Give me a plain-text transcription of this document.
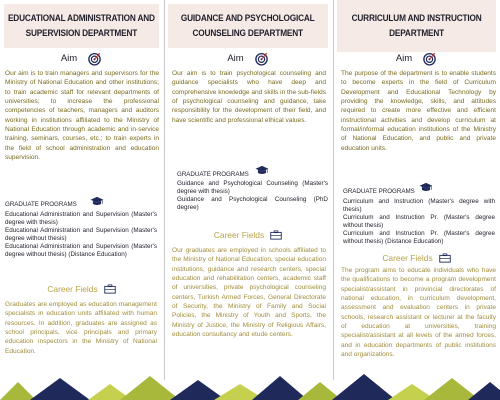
EDUCATIONAL ADMINISTRATION AND
SUPERVISION DEPARTMENT
Aim

Our aim is to train managers and supervisors for the Ministry of National Education and other institutions; to train academic staff for relevant departments of universities; to increase the professional competencies of teachers, managers and auditors working in institutions affiliated to the Ministry of National Education through academic and in-service training, seminars, courses, etc.; to train experts in the field of school administration and education supervision.

GRADUATE PROGRAMS
Educational Administration and Supervision (Master's degree with thesis)
Educational Administration and Supervision (Master's degree without thesis)
Educational Administration and Supervision (Master's degree without thesis) (Distance Education)
Career Fields

Graduates are employed as education management specialists in education units affiliated with human resources. In addition, graduates are assigned as school principals, vice principals and primary education inspectors in the Ministry of National Education.

GUIDANCE AND PSYCHOLOGICAL
COUNSELING DEPARTMENT
Aim

Our aim is to train psychological counseling and guidance specialists who have deep and comprehensive knowledge and skills in the sub-fields of psychological counseling and guidance, take responsibility for the development of their field, and have scientific and professional ethical values.

GRADUATE PROGRAMS
Guidance and Psychological Counseling (Master's degree with thesis)
Guidance and Psychological Counseling (PhD degree)
Career Fields

Our graduates are employed in schools affiliated to the Ministry of National Education, special education institutions, guidance and research centers, special education and rehabilitation centers, academic staff of universities, private psychological counseling centers, Turkish Armed Forces, General Directorate of Security, the Ministry of Family and Social Policies, the Ministry of Youth and Sports, the Ministry of Justice, the Ministry of Religious Affairs, education consultancy and etude centers.

CURRICULUM AND INSTRUCTION
DEPARTMENT
Aim

The purpose of the department is to enable students to become experts in the field of Curriculum Development and Educational Technology by providing the knowledge, skills, and attitudes required to create more effective and efficient instructional activities and develop curriculum at formal/informal education institutions of the Ministry of National Education, and public and private education units.

GRADUATE PROGRAMS
Curriculum and Instruction (Master's degree with thesis)
Curriculum and Instruction Pr. (Master's degree without thesis)
Curriculum and Instruction Pr. (Master's degree without thesis) (Distance Education)
Career Fields

The program aims to educate individuals who have the qualifications to become a program development specialist/assistant in provincial directorates of national education, in curriculum development, assessment and evaluation centers in private schools, research assistant or lecturer at the faculty of education at universities, training specialist/assistant at all levels of the armed forces, and in education departments of public institutions and organizations.
